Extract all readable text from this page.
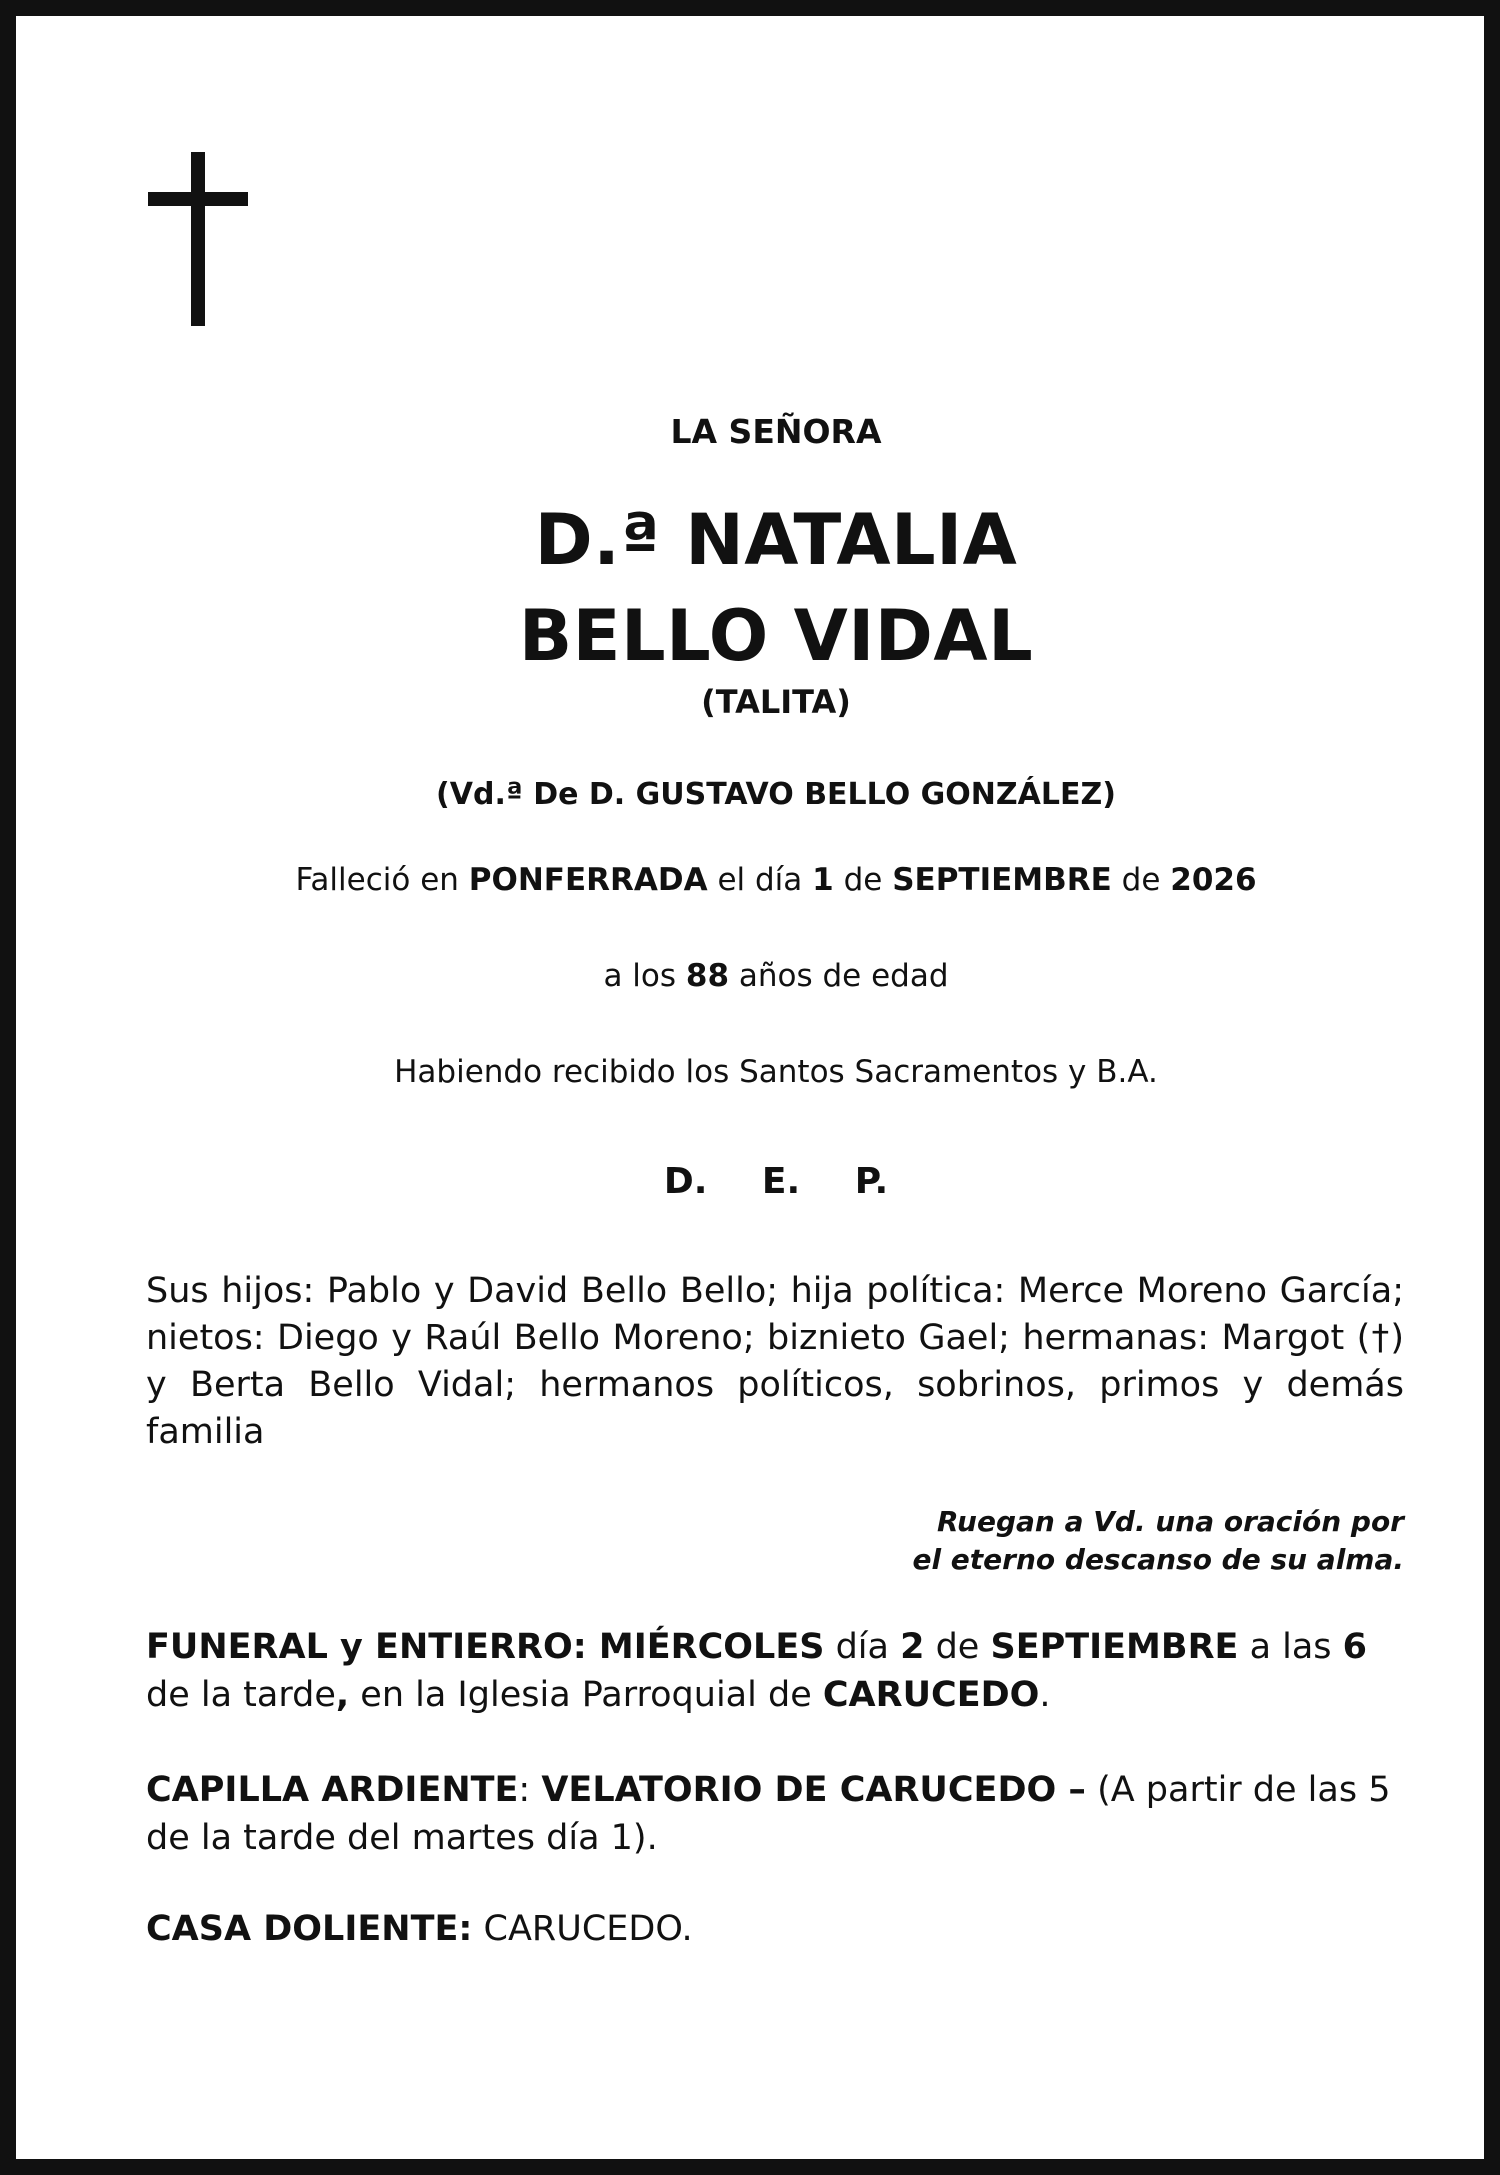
LA SEÑORA
D.ª NATALIA
BELLO VIDAL
(TALITA)
(Vd.ª De D. GUSTAVO BELLO GONZÁLEZ)
Falleció en PONFERRADA el día 1 de SEPTIEMBRE de 2026
a los 88 años de edad
Habiendo recibido los Santos Sacramentos y B.A.
D. E. P.
Sus hijos: Pablo y David Bello Bello; hija política: Merce Moreno García; nietos: Diego y Raúl Bello Moreno; biznieto Gael; hermanas: Margot (†) y Berta Bello Vidal; hermanos políticos, sobrinos, primos y demás familia
Ruegan a Vd. una oración por
el eterno descanso de su alma.
FUNERAL y ENTIERRO: MIÉRCOLES día 2 de SEPTIEMBRE a las 6 de la tarde, en la Iglesia Parroquial de CARUCEDO.
CAPILLA ARDIENTE: VELATORIO DE CARUCEDO – (A partir de las 5 de la tarde del martes día 1).
CASA DOLIENTE: CARUCEDO.
